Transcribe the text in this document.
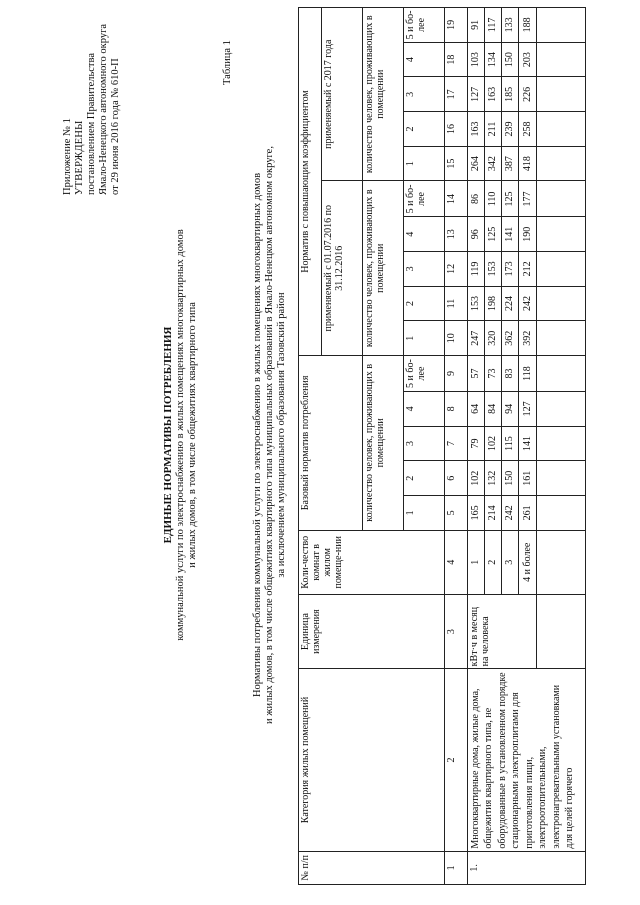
Приложение № 1 УТВЕРЖДЕНЫ постановлением Правительства Ямало-Ненецкого автономного округа от 29 июня 2016 года № 610-П	Таблица 1
ЕДИНЫЕ НОРМАТИВЫ ПОТРЕБЛЕНИЯ коммунальной услуги по электроснабжению в жилых помещениях многоквартирных домов и жилых домов, в том числе общежитиях квартирного типа	Нормативы потребления коммунальной услуги по электроснабжению в жилых помещениях многоквартирных домов и жилых домов, в том числе общежитиях квартирного типа муниципальных образований в Ямало-Ненецком автономном округе, за исключением муниципального образования Тазовский район
№ п/п	Категория жилых помещений	Единица измерения	Коли-чество комнат в жилом помеще-нии	Базовый норматив потребления					Норматив с повышающим коэффициентом									
									применяемый с 01.07.2016 по 31.12.2016					применяемый с 2017 года				
				количество человек, проживающих в помещении					количество человек, проживающих в помещении					количество человек, проживающих в помещении				
				1	2	3	4	5 и бо-лее	1	2	3	4	5 и бо-лее	1	2	3	4	5 и бо-лее
1	2	3	4	5	6	7	8	9	10	11	12	13	14	15	16	17	18	19
1.	Многоквартирные дома, жилые дома, общежития квартирного типа, не оборудованные в установленном порядке стационарными электроплитами для приготовления пищи, электроотопительными, электронагревательными установками для целей горячего	кВт·ч в месяц на человека	1	165	102	79	64	57	247	153	119	96	86	264	163	127	103	91
			2	214	132	102	84	73	320	198	153	125	110	342	211	163	134	117
			3	242	150	115	94	83	362	224	173	141	125	387	239	185	150	133
			4 и более	261	161	141	127	118	392	242	212	190	177	418	258	226	203	188
